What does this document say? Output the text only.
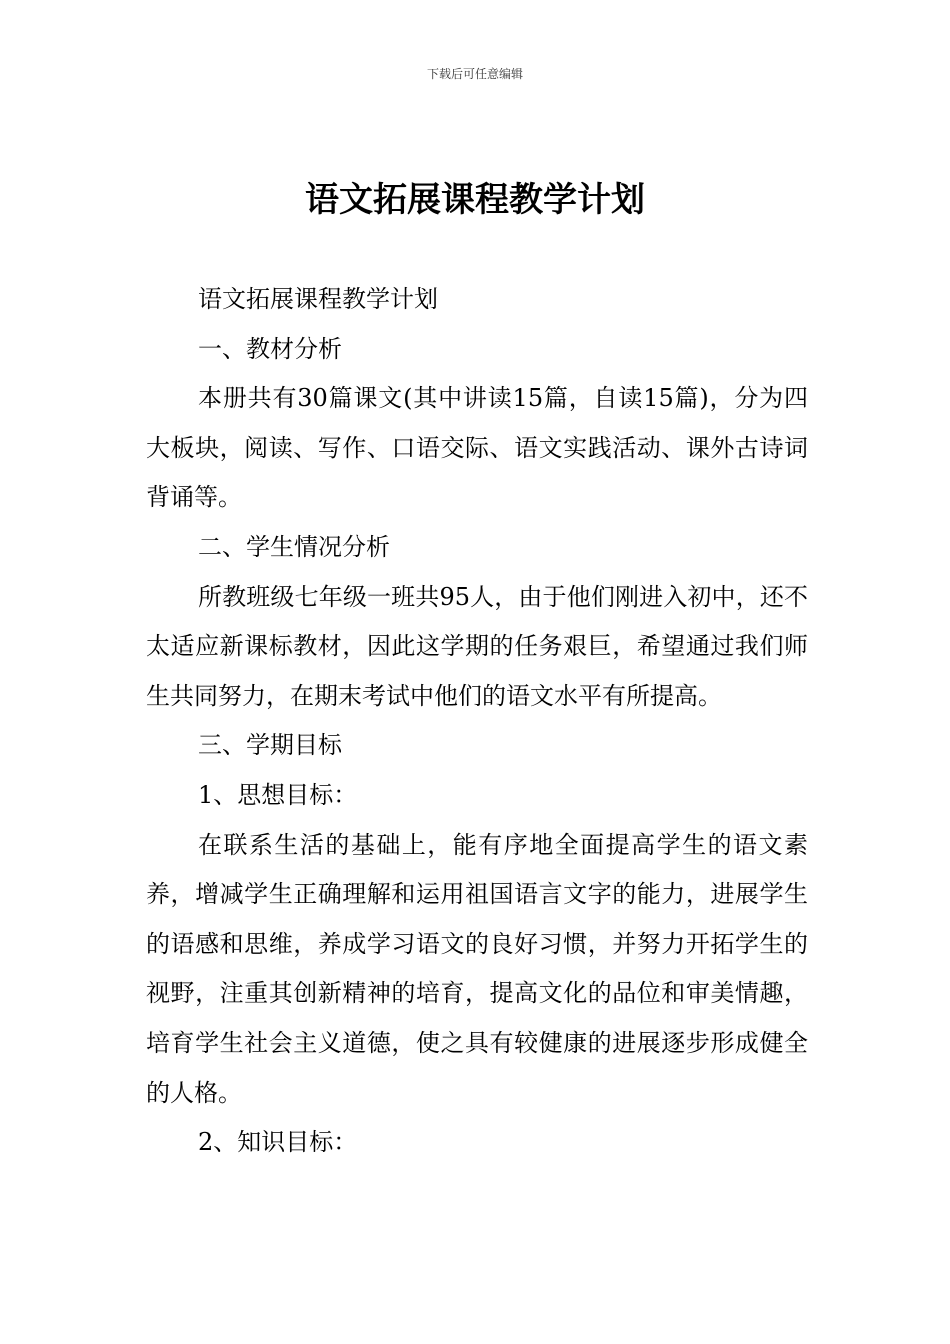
下载后可任意编辑
语文拓展课程教学计划

语文拓展课程教学计划

一、教材分析

本册共有30篇课文(其中讲读15篇，自读15篇)，分为四大板块，阅读、写作、口语交际、语文实践活动、课外古诗词背诵等。

二、学生情况分析

所教班级七年级一班共95人，由于他们刚进入初中，还不太适应新课标教材，因此这学期的任务艰巨，希望通过我们师生共同努力，在期末考试中他们的语文水平有所提高。

三、学期目标

1、思想目标：

在联系生活的基础上，能有序地全面提高学生的语文素养，增减学生正确理解和运用祖国语言文字的能力，进展学生的语感和思维，养成学习语文的良好习惯，并努力开拓学生的视野，注重其创新精神的培育，提高文化的品位和审美情趣，培育学生社会主义道德，使之具有较健康的进展逐步形成健全的人格。

2、知识目标：
